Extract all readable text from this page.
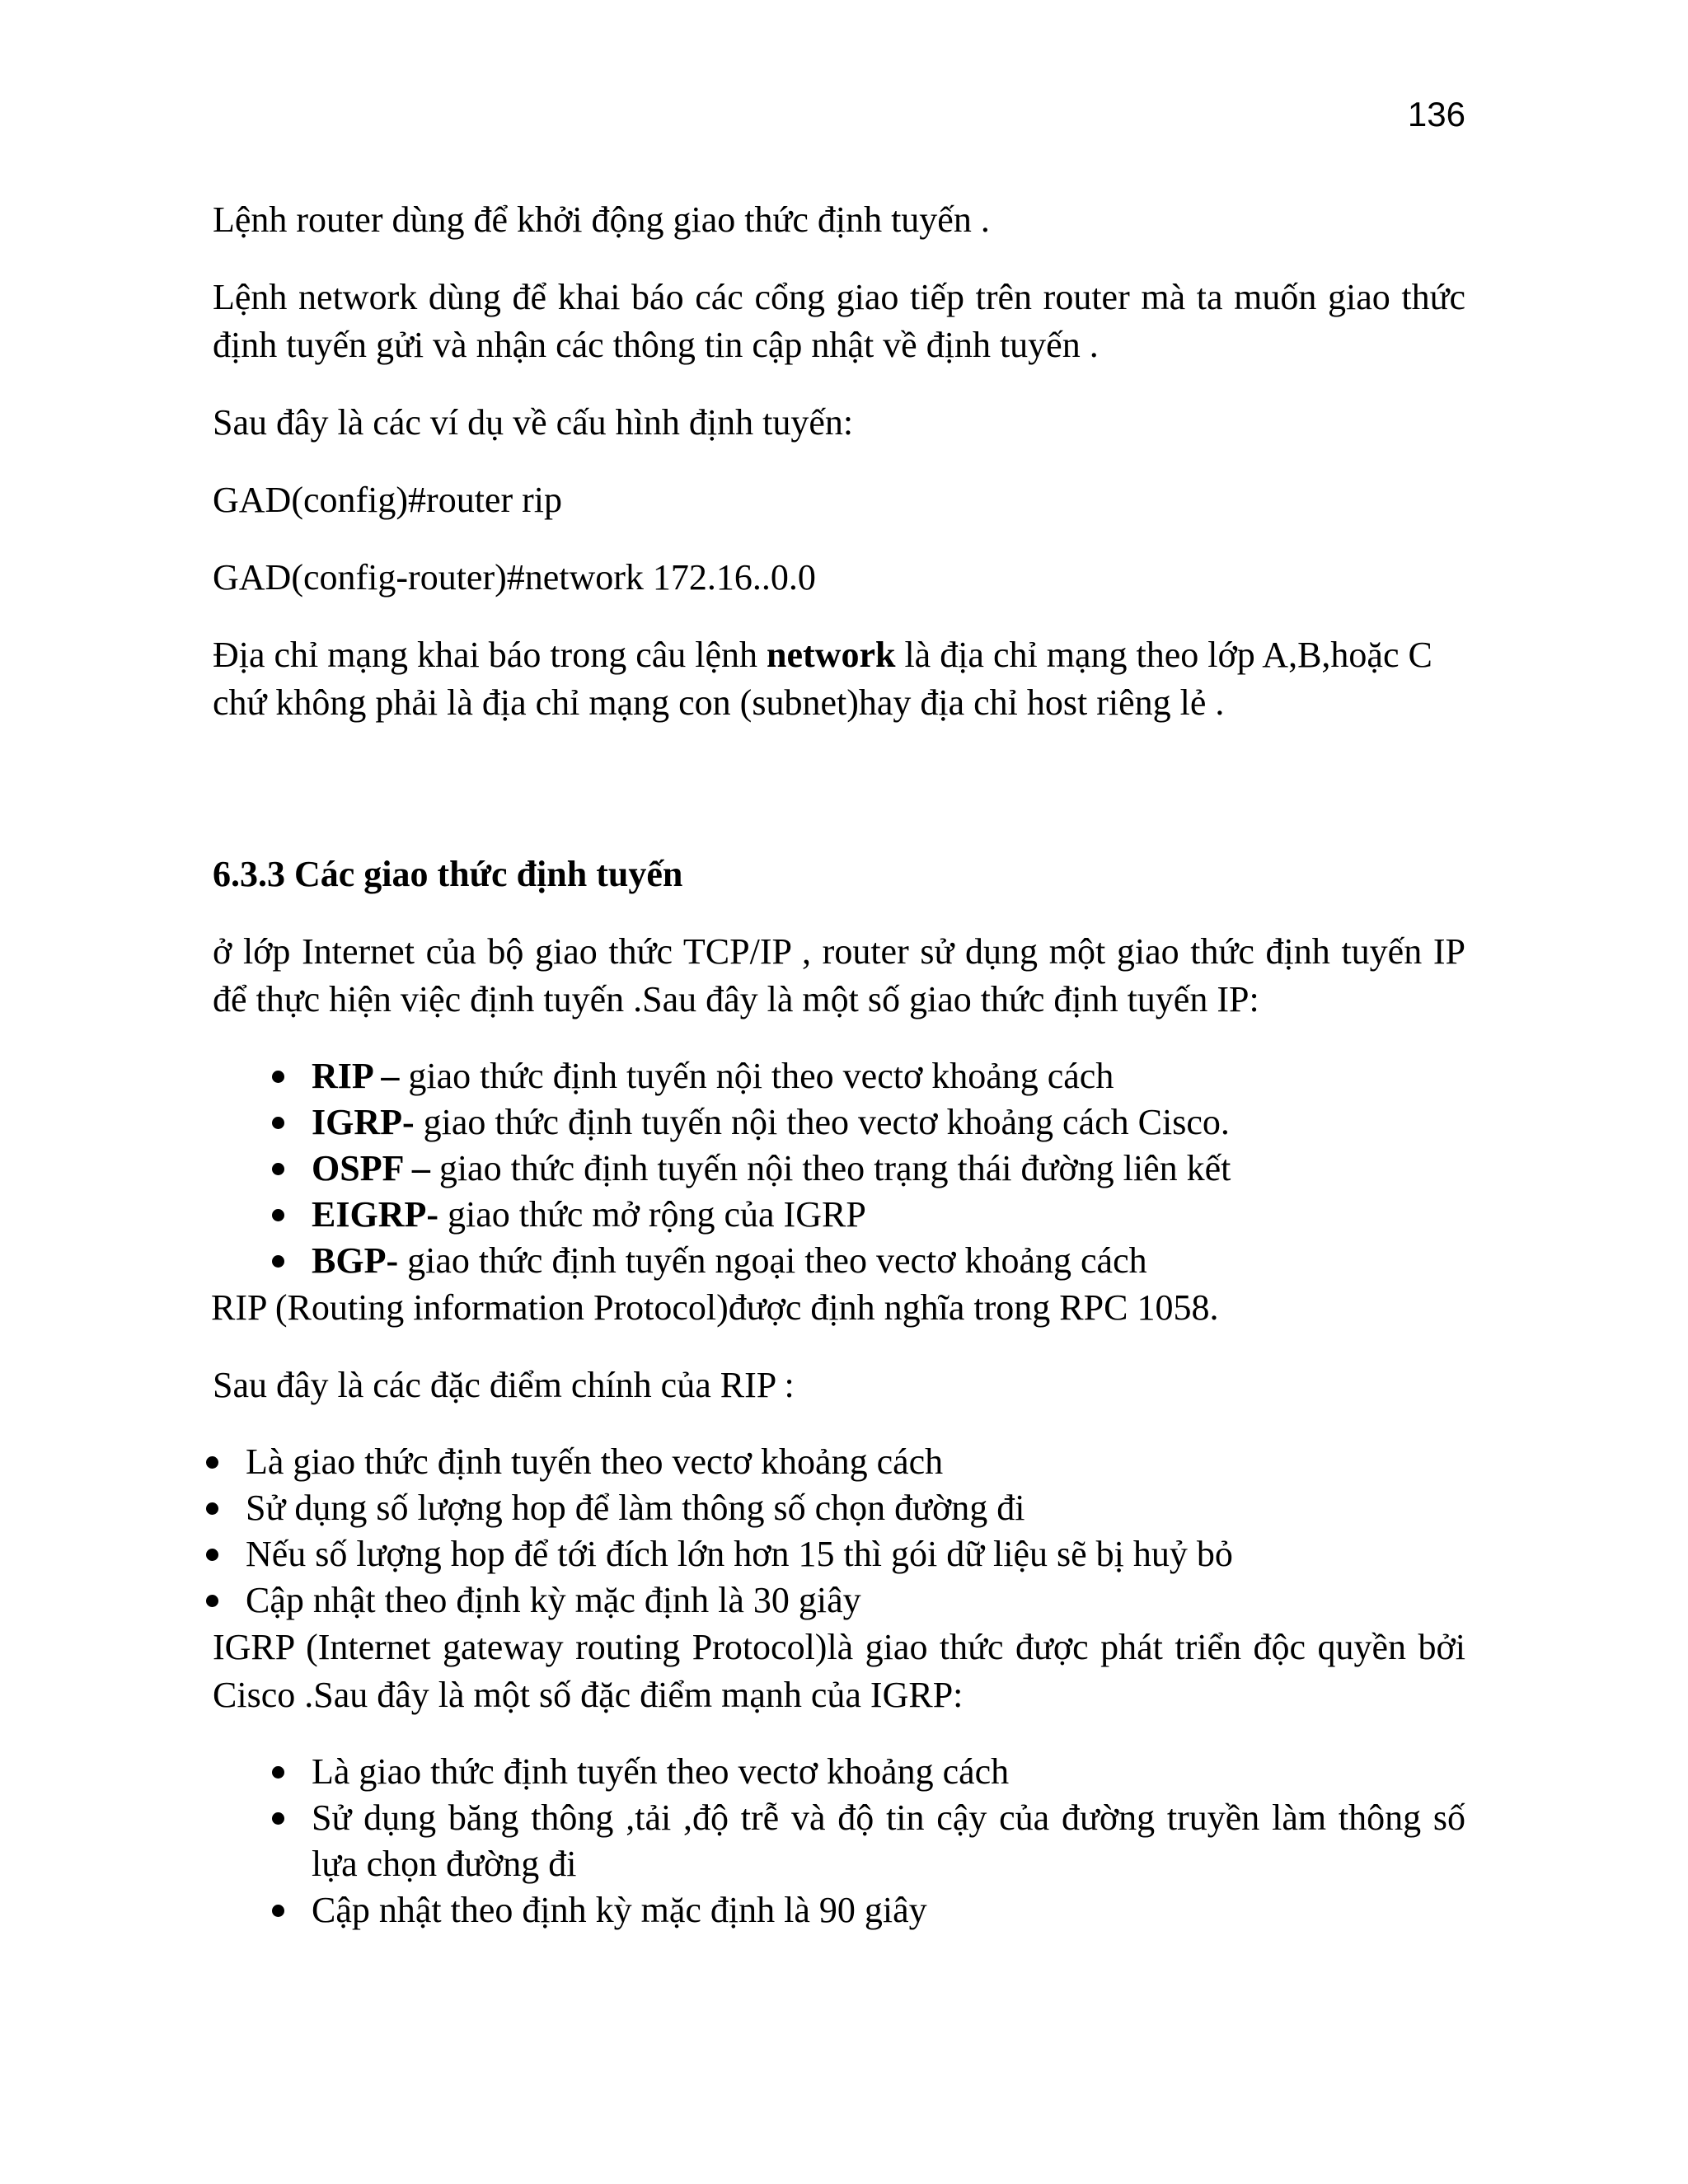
136

Lệnh router dùng để khởi động giao thức định tuyến .

Lệnh network dùng để khai báo các cổng giao tiếp trên router mà ta muốn giao thức định tuyến gửi và nhận các thông tin cập nhật về định tuyến .

Sau đây là các ví dụ về cấu hình định tuyến:

GAD(config)#router rip

GAD(config-router)#network 172.16..0.0

Địa chỉ mạng khai báo trong câu lệnh network là địa chỉ mạng theo lớp A,B,hoặc C chứ không phải là địa chỉ mạng con (subnet)hay địa chỉ host riêng lẻ .

6.3.3 Các giao thức định tuyến

ở lớp Internet của bộ giao thức TCP/IP , router sử dụng một giao thức định tuyến IP để thực hiện việc định tuyến .Sau đây là một số giao thức định tuyến IP:

RIP – giao thức định tuyến nội theo vectơ khoảng cách
IGRP- giao thức định tuyến nội theo vectơ khoảng cách Cisco.
OSPF – giao thức định tuyến nội theo trạng thái đường liên kết
EIGRP- giao thức mở rộng của IGRP
BGP- giao thức định tuyến ngoại theo vectơ khoảng cách

RIP (Routing information Protocol)được định nghĩa trong RPC 1058.

Sau đây là các đặc điểm chính của RIP :

Là giao thức định tuyến theo vectơ khoảng cách
Sử dụng số lượng hop để làm thông số chọn đường đi
Nếu số lượng hop để tới đích lớn hơn 15 thì gói dữ liệu sẽ bị huỷ bỏ
Cập nhật theo định kỳ mặc định là 30 giây

IGRP (Internet gateway routing Protocol)là giao thức được phát triển độc quyền bởi Cisco .Sau đây là một số đặc điểm mạnh của IGRP:

Là giao thức định tuyến theo vectơ khoảng cách
Sử dụng băng thông ,tải ,độ trễ và độ tin cậy của đường truyền làm thông số lựa chọn đường đi
Cập nhật theo định kỳ mặc định là 90 giây
